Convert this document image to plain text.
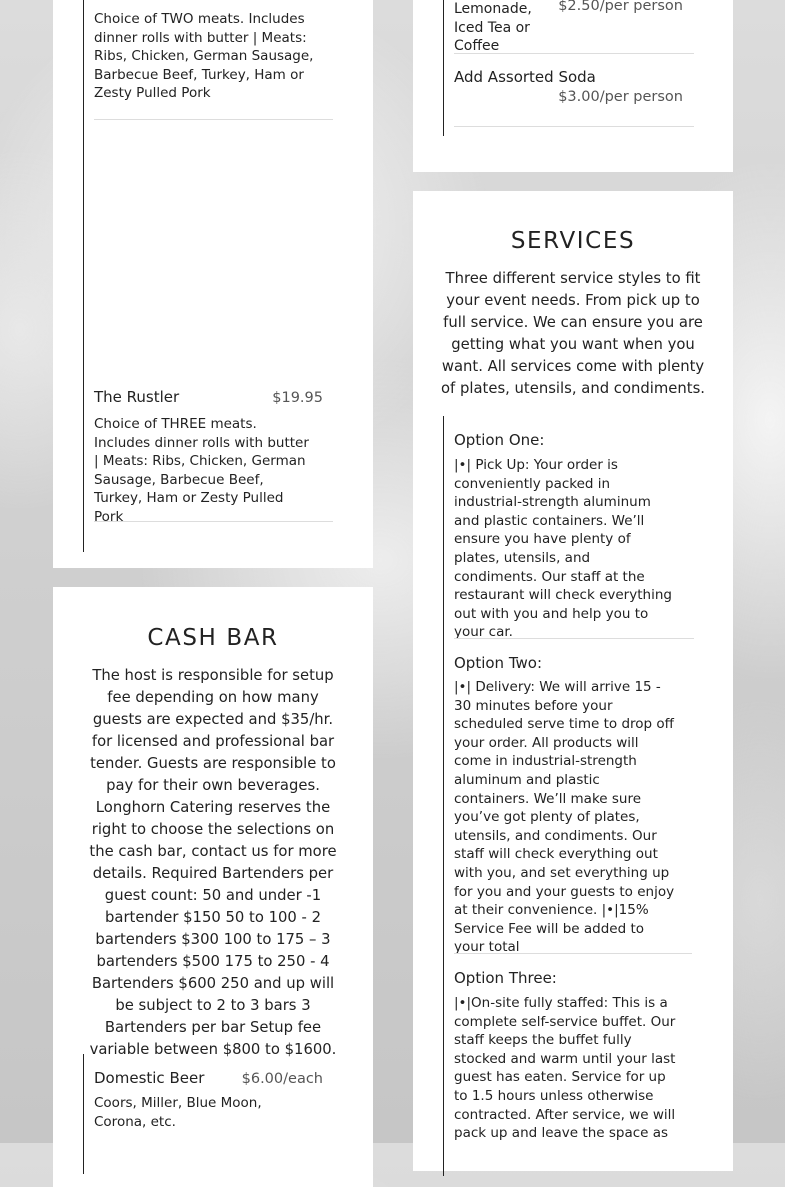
Choice of TWO meats. Includes dinner rolls with butter | Meats: Ribs, Chicken, German Sausage, Barbecue Beef, Turkey, Ham or Zesty Pulled Pork

The Rustler	$19.95

Choice of THREE meats. Includes dinner rolls with butter | Meats: Ribs, Chicken, German Sausage, Barbecue Beef, Turkey, Ham or Zesty Pulled Pork

Lemonade, Iced Tea or Coffee
$2.50/per person
Add Assorted Soda
$3.00/per person
CASH BAR

The host is responsible for setup fee depending on how many guests are expected and $35/hr. for licensed and professional bar tender. Guests are responsible to pay for their own beverages. Longhorn Catering reserves the right to choose the selections on the cash bar, contact us for more details. Required Bartenders per guest count: 50 and under -1 bartender $150 50 to 100 - 2 bartenders $300 100 to 175 – 3 bartenders $500 175 to 250 - 4 Bartenders $600 250 and up will be subject to 2 to 3 bars 3 Bartenders per bar Setup fee variable between $800 to $1600.

Domestic Beer	$6.00/each

Coors, Miller, Blue Moon, Corona, etc.

SERVICES

Three different service styles to fit your event needs. From pick up to full service. We can ensure you are getting what you want when you want. All services come with plenty of plates, utensils, and condiments.

Option One:

|•| Pick Up: Your order is conveniently packed in industrial-strength aluminum and plastic containers. We’ll ensure you have plenty of plates, utensils, and condiments. Our staff at the restaurant will check everything out with you and help you to your car.

Option Two:

|•| Delivery: We will arrive 15 - 30 minutes before your scheduled serve time to drop off your order. All products will come in industrial-strength aluminum and plastic containers. We’ll make sure you’ve got plenty of plates, utensils, and condiments. Our staff will check everything out with you, and set everything up for you and your guests to enjoy at their convenience. |•|15% Service Fee will be added to your total

Option Three:

|•|On-site fully staffed: This is a complete self-service buffet. Our staff keeps the buffet fully stocked and warm until your last guest has eaten. Service for up to 1.5 hours unless otherwise contracted. After service, we will pack up and leave the space as
